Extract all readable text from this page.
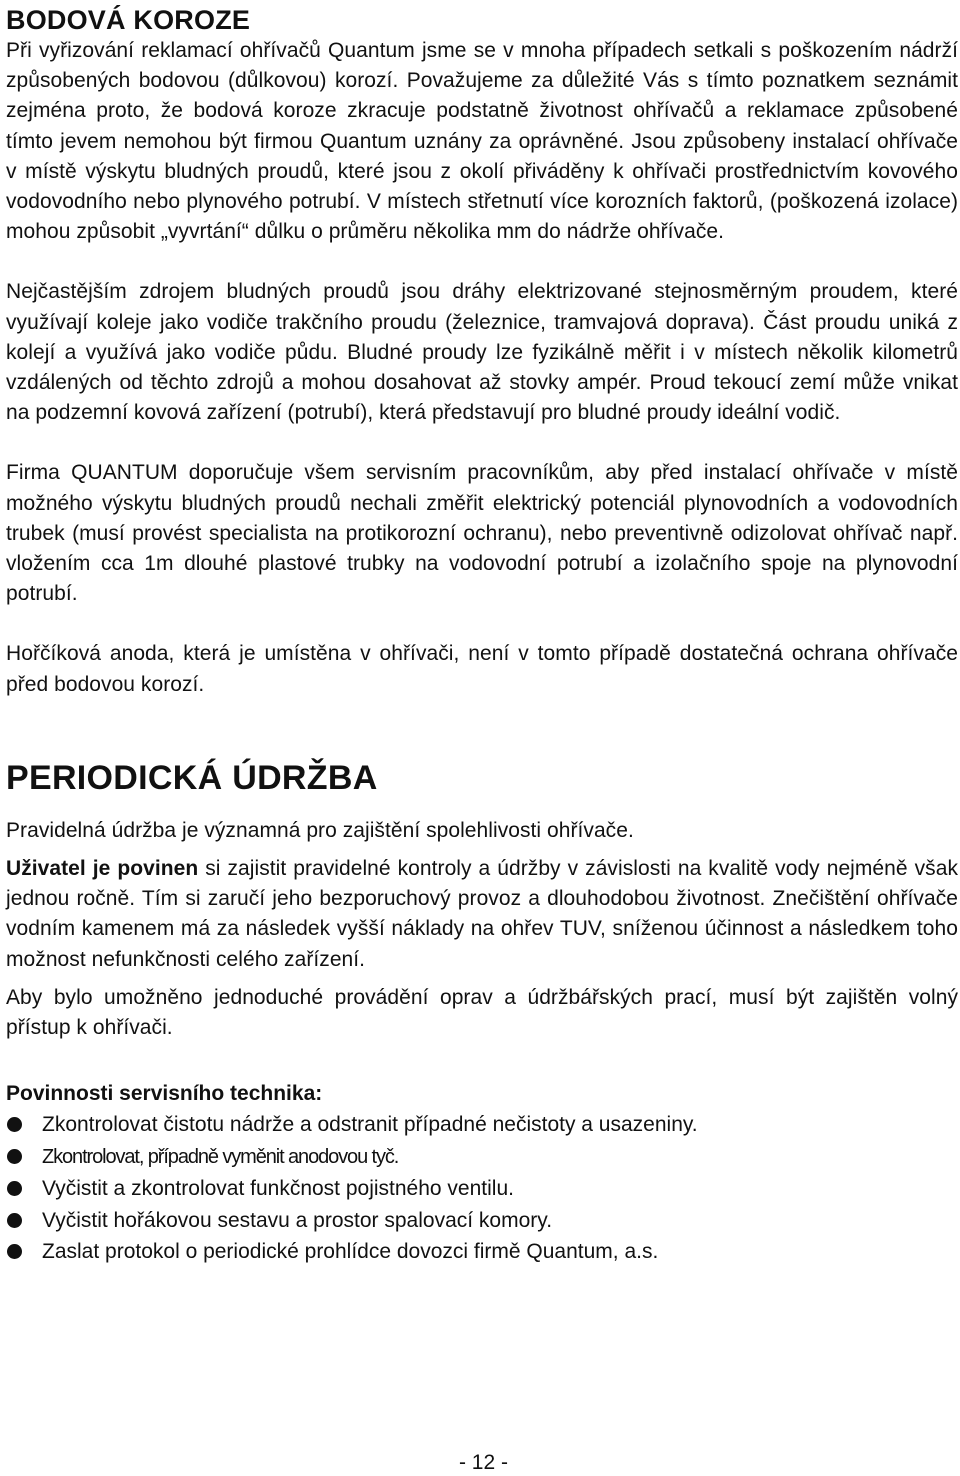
BODOVÁ KOROZE

Při vyřizování reklamací ohřívačů Quantum jsme se v mnoha případech setkali s poškozením nádrží způsobených bodovou (důlkovou) korozí. Považujeme za důležité Vás s tímto poznatkem seznámit zejména proto, že bodová koroze zkracuje podstatně životnost ohřívačů a reklamace způsobené tímto jevem nemohou být firmou Quantum uznány za oprávněné. Jsou způsobeny instalací ohřívače v místě výskytu bludných proudů, které jsou z okolí přiváděny k ohřívači prostřednictvím kovového vodovodního nebo plynového potrubí. V místech střetnutí více korozních faktorů, (poškozená izolace) mohou způsobit „vyvrtání“ důlku o průměru několika mm do nádrže ohřívače.

Nejčastějším zdrojem bludných proudů jsou dráhy elektrizované stejnosměrným proudem, které využívají koleje jako vodiče trakčního proudu (železnice, tramvajová doprava). Část proudu uniká z kolejí a využívá jako vodiče půdu. Bludné proudy lze fyzikálně měřit i v místech několik kilometrů vzdálených od těchto zdrojů a mohou dosahovat až stovky ampér. Proud tekoucí zemí může vnikat na podzemní kovová zařízení (potrubí), která představují pro bludné proudy ideální vodič.

Firma QUANTUM doporučuje všem servisním pracovníkům, aby před instalací ohřívače v místě možného výskytu bludných proudů nechali změřit elektrický potenciál plynovodních a vodovodních trubek (musí provést specialista na protikorozní ochranu), nebo preventivně odizolovat ohřívač např. vložením cca 1m dlouhé plastové trubky na vodovodní potrubí a izolačního spoje na plynovodní potrubí.

Hořčíková anoda, která je umístěna v ohřívači, není v tomto případě dostatečná ochrana ohřívače před bodovou korozí.

PERIODICKÁ ÚDRŽBA

Pravidelná údržba je významná pro zajištění spolehlivosti ohřívače.

Uživatel je povinen si zajistit pravidelné kontroly a údržby v závislosti na kvalitě vody nejméně však jednou ročně. Tím si zaručí jeho bezporuchový provoz a dlouhodobou životnost. Znečištění ohřívače vodním kamenem má za následek vyšší náklady na ohřev TUV, sníženou účinnost a následkem toho možnost nefunkčnosti celého zařízení.

Aby bylo umožněno jednoduché provádění oprav a údržbářských prací, musí být zajištěn volný přístup k ohřívači.

Povinnosti servisního technika:

Zkontrolovat čistotu nádrže a odstranit případné nečistoty a usazeniny.
Zkontrolovat, případně vyměnit anodovou tyč.
Vyčistit a zkontrolovat funkčnost pojistného ventilu.
Vyčistit hořákovou sestavu a prostor spalovací komory.
Zaslat protokol o periodické prohlídce dovozci firmě Quantum, a.s.
- 12 -
